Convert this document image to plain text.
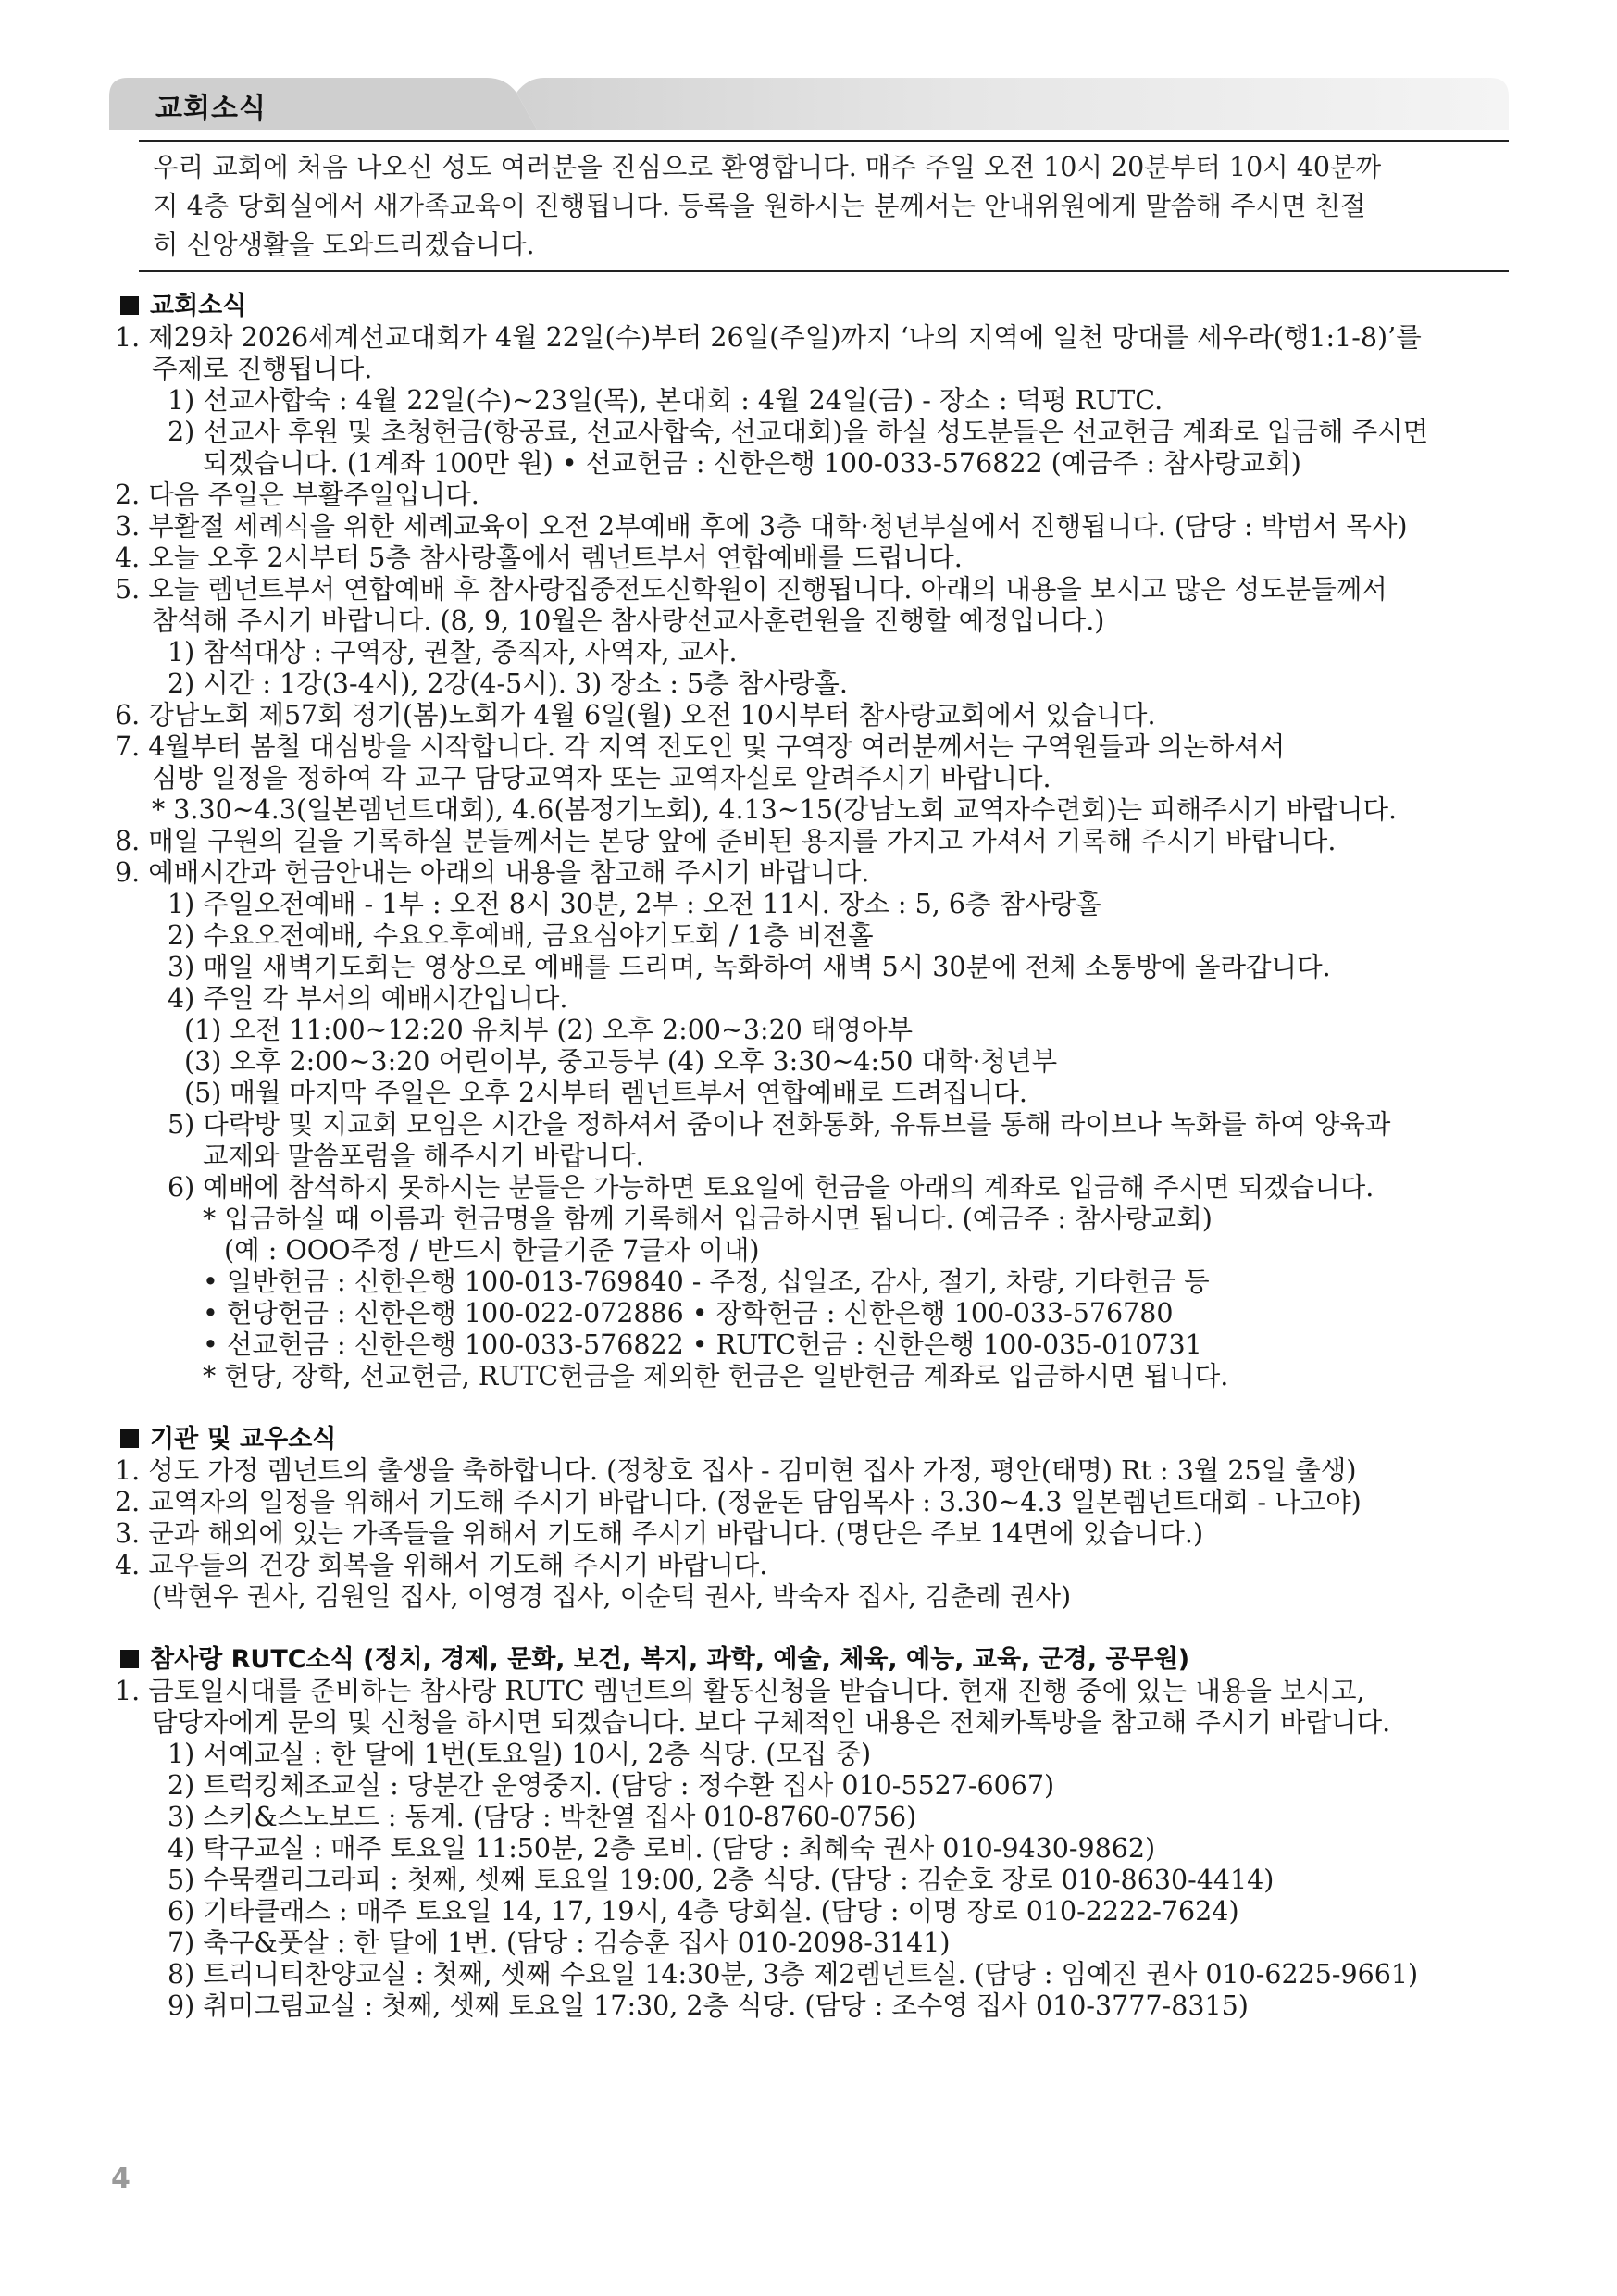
교회소식
우리 교회에 처음 나오신 성도 여러분을 진심으로 환영합니다. 매주 주일 오전 10시 20분부터 10시 40분까
지 4층 당회실에서 새가족교육이 진행됩니다. 등록을 원하시는 분께서는 안내위원에게 말씀해 주시면 친절
히 신앙생활을 도와드리겠습니다.
교회소식
1. 제29차 2026세계선교대회가 4월 22일(수)부터 26일(주일)까지 ‘나의 지역에 일천 망대를 세우라(행1:1-8)’를
주제로 진행됩니다.
1) 선교사합숙 : 4월 22일(수)~23일(목), 본대회 : 4월 24일(금) - 장소 : 덕평 RUTC.
2) 선교사 후원 및 초청헌금(항공료, 선교사합숙, 선교대회)을 하실 성도분들은 선교헌금 계좌로 입금해 주시면
되겠습니다. (1계좌 100만 원) • 선교헌금 : 신한은행 100-033-576822 (예금주 : 참사랑교회)
2. 다음 주일은 부활주일입니다.
3. 부활절 세례식을 위한 세례교육이 오전 2부예배 후에 3층 대학·청년부실에서 진행됩니다. (담당 : 박범서 목사)
4. 오늘 오후 2시부터 5층 참사랑홀에서 렘넌트부서 연합예배를 드립니다.
5. 오늘 렘넌트부서 연합예배 후 참사랑집중전도신학원이 진행됩니다. 아래의 내용을 보시고 많은 성도분들께서
참석해 주시기 바랍니다. (8, 9, 10월은 참사랑선교사훈련원을 진행할 예정입니다.)
1) 참석대상 : 구역장, 권찰, 중직자, 사역자, 교사.
2) 시간 : 1강(3-4시), 2강(4-5시). 3) 장소 : 5층 참사랑홀.
6. 강남노회 제57회 정기(봄)노회가 4월 6일(월) 오전 10시부터 참사랑교회에서 있습니다.
7. 4월부터 봄철 대심방을 시작합니다. 각 지역 전도인 및 구역장 여러분께서는 구역원들과 의논하셔서
심방 일정을 정하여 각 교구 담당교역자 또는 교역자실로 알려주시기 바랍니다.
* 3.30~4.3(일본렘넌트대회), 4.6(봄정기노회), 4.13~15(강남노회 교역자수련회)는 피해주시기 바랍니다.
8. 매일 구원의 길을 기록하실 분들께서는 본당 앞에 준비된 용지를 가지고 가셔서 기록해 주시기 바랍니다.
9. 예배시간과 헌금안내는 아래의 내용을 참고해 주시기 바랍니다.
1) 주일오전예배 - 1부 : 오전 8시 30분, 2부 : 오전 11시. 장소 : 5, 6층 참사랑홀
2) 수요오전예배, 수요오후예배, 금요심야기도회 / 1층 비전홀
3) 매일 새벽기도회는 영상으로 예배를 드리며, 녹화하여 새벽 5시 30분에 전체 소통방에 올라갑니다.
4) 주일 각 부서의 예배시간입니다.
(1) 오전 11:00~12:20 유치부 (2) 오후 2:00~3:20 태영아부
(3) 오후 2:00~3:20 어린이부, 중고등부 (4) 오후 3:30~4:50 대학·청년부
(5) 매월 마지막 주일은 오후 2시부터 렘넌트부서 연합예배로 드려집니다.
5) 다락방 및 지교회 모임은 시간을 정하셔서 줌이나 전화통화, 유튜브를 통해 라이브나 녹화를 하여 양육과
교제와 말씀포럼을 해주시기 바랍니다.
6) 예배에 참석하지 못하시는 분들은 가능하면 토요일에 헌금을 아래의 계좌로 입금해 주시면 되겠습니다.
* 입금하실 때 이름과 헌금명을 함께 기록해서 입금하시면 됩니다. (예금주 : 참사랑교회)
(예 : OOO주정 / 반드시 한글기준 7글자 이내)
• 일반헌금 : 신한은행 100-013-769840 - 주정, 십일조, 감사, 절기, 차량, 기타헌금 등
• 헌당헌금 : 신한은행 100-022-072886 • 장학헌금 : 신한은행 100-033-576780
• 선교헌금 : 신한은행 100-033-576822 • RUTC헌금 : 신한은행 100-035-010731
* 헌당, 장학, 선교헌금, RUTC헌금을 제외한 헌금은 일반헌금 계좌로 입금하시면 됩니다.
기관 및 교우소식
1. 성도 가정 렘넌트의 출생을 축하합니다. (정창호 집사 - 김미현 집사 가정, 평안(태명) Rt : 3월 25일 출생)
2. 교역자의 일정을 위해서 기도해 주시기 바랍니다. (정윤돈 담임목사 : 3.30~4.3 일본렘넌트대회 - 나고야)
3. 군과 해외에 있는 가족들을 위해서 기도해 주시기 바랍니다. (명단은 주보 14면에 있습니다.)
4. 교우들의 건강 회복을 위해서 기도해 주시기 바랍니다.
(박현우 권사, 김원일 집사, 이영경 집사, 이순덕 권사, 박숙자 집사, 김춘례 권사)
참사랑 RUTC소식 (정치, 경제, 문화, 보건, 복지, 과학, 예술, 체육, 예능, 교육, 군경, 공무원)
1. 금토일시대를 준비하는 참사랑 RUTC 렘넌트의 활동신청을 받습니다. 현재 진행 중에 있는 내용을 보시고,
담당자에게 문의 및 신청을 하시면 되겠습니다. 보다 구체적인 내용은 전체카톡방을 참고해 주시기 바랍니다.
1) 서예교실 : 한 달에 1번(토요일) 10시, 2층 식당. (모집 중)
2) 트럭킹체조교실 : 당분간 운영중지. (담당 : 정수환 집사 010-5527-6067)
3) 스키&스노보드 : 동계. (담당 : 박찬열 집사 010-8760-0756)
4) 탁구교실 : 매주 토요일 11:50분, 2층 로비. (담당 : 최혜숙 권사 010-9430-9862)
5) 수묵캘리그라피 : 첫째, 셋째 토요일 19:00, 2층 식당. (담당 : 김순호 장로 010-8630-4414)
6) 기타클래스 : 매주 토요일 14, 17, 19시, 4층 당회실. (담당 : 이명 장로 010-2222-7624)
7) 축구&풋살 : 한 달에 1번. (담당 : 김승훈 집사 010-2098-3141)
8) 트리니티찬양교실 : 첫째, 셋째 수요일 14:30분, 3층 제2렘넌트실. (담당 : 임예진 권사 010-6225-9661)
9) 취미그림교실 : 첫째, 셋째 토요일 17:30, 2층 식당. (담당 : 조수영 집사 010-3777-8315)
4
